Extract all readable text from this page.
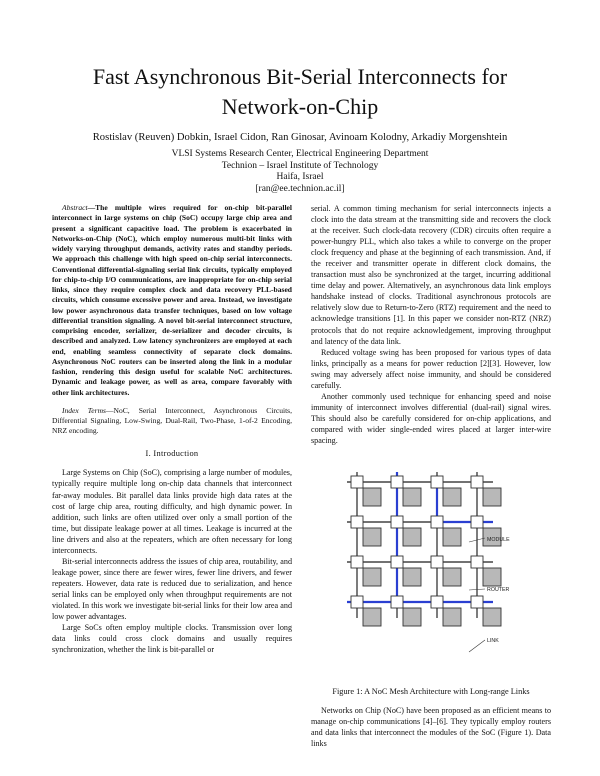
Fast Asynchronous Bit-Serial Interconnects for
Network-on-Chip
Rostislav (Reuven) Dobkin, Israel Cidon, Ran Ginosar, Avinoam Kolodny, Arkadiy Morgenshtein
VLSI Systems Research Center, Electrical Engineering Department
Technion – Israel Institute of Technology
Haifa, Israel
[ran@ee.technion.ac.il]

Abstract—The multiple wires required for on-chip bit-parallel interconnect in large systems on chip (SoC) occupy large chip area and present a significant capacitive load. The problem is exacerbated in Networks-on-Chip (NoC), which employ numerous multi-bit links with widely varying throughput demands, activity rates and standby periods. We approach this challenge with high speed on-chip serial interconnects. Conventional differential-signaling serial link circuits, typically employed for chip-to-chip I/O communications, are inappropriate for on-chip serial links, since they require complex clock and data recovery PLL-based circuits, which consume excessive power and area. Instead, we investigate low power asynchronous data transfer techniques, based on low voltage differential transition signaling. A novel bit-serial interconnect structure, comprising encoder, serializer, de-serializer and decoder circuits, is described and analyzed. Low latency synchronizers are employed at each end, enabling seamless connectivity of separate clock domains. Asynchronous NoC routers can be inserted along the link in a modular fashion, rendering this design useful for scalable NoC architectures. Dynamic and leakage power, as well as area, compare favorably with other link architectures.

Index Terms—NoC, Serial Interconnect, Asynchronous Circuits, Differential Signaling, Low-Swing, Dual-Rail, Two-Phase, 1-of-2 Encoding, NRZ encoding.

I. Introduction

Large Systems on Chip (SoC), comprising a large number of modules, typically require multiple long on-chip data channels that interconnect far-away modules. Bit parallel data links provide high data rates at the cost of large chip area, routing difficulty, and high dynamic power. In addition, such links are often utilized over only a small portion of the time, but dissipate leakage power at all times. Leakage is incurred at the line drivers and also at the repeaters, which are often necessary for long interconnects.

Bit-serial interconnects address the issues of chip area, routability, and leakage power, since there are fewer wires, fewer line drivers, and fewer repeaters. However, data rate is reduced due to serialization, and hence serial links can be employed only when throughput requirements are not violated. In this work we investigate bit-serial links for their low area and low power advantages.

Large SoCs often employ multiple clocks. Transmission over long data links could cross clock domains and usually requires synchronization, whether the link is bit-parallel or

serial. A common timing mechanism for serial interconnects injects a clock into the data stream at the transmitting side and recovers the clock at the receiver. Such clock-data recovery (CDR) circuits often require a power-hungry PLL, which also takes a while to converge on the proper clock frequency and phase at the beginning of each transmission. And, if the receiver and transmitter operate in different clock domains, the transaction must also be synchronized at the target, incurring additional time delay and power. Alternatively, an asynchronous data link employs handshake instead of clocks. Traditional asynchronous protocols are relatively slow due to Return-to-Zero (RTZ) requirement and the need to acknowledge transitions [1]. In this paper we consider non-RTZ (NRZ) protocols that do not require acknowledgement, improving throughput and latency of the data link.

Reduced voltage swing has been proposed for various types of data links, principally as a means for power reduction [2][3]. However, low swing may adversely affect noise immunity, and should be considered carefully.

Another commonly used technique for enhancing speed and noise immunity of interconnect involves differential (dual-rail) signal wires. This should also be carefully considered for on-chip applications, and compared with wider single-ended wires placed at larger inter-wire spacing.

MODULE
ROUTER
LINK

Figure 1: A NoC Mesh Architecture with Long-range Links

Networks on Chip (NoC) have been proposed as an efficient means to manage on-chip communications [4]–[6]. They typically employ routers and data links that interconnect the modules of the SoC (Figure 1). Data links
